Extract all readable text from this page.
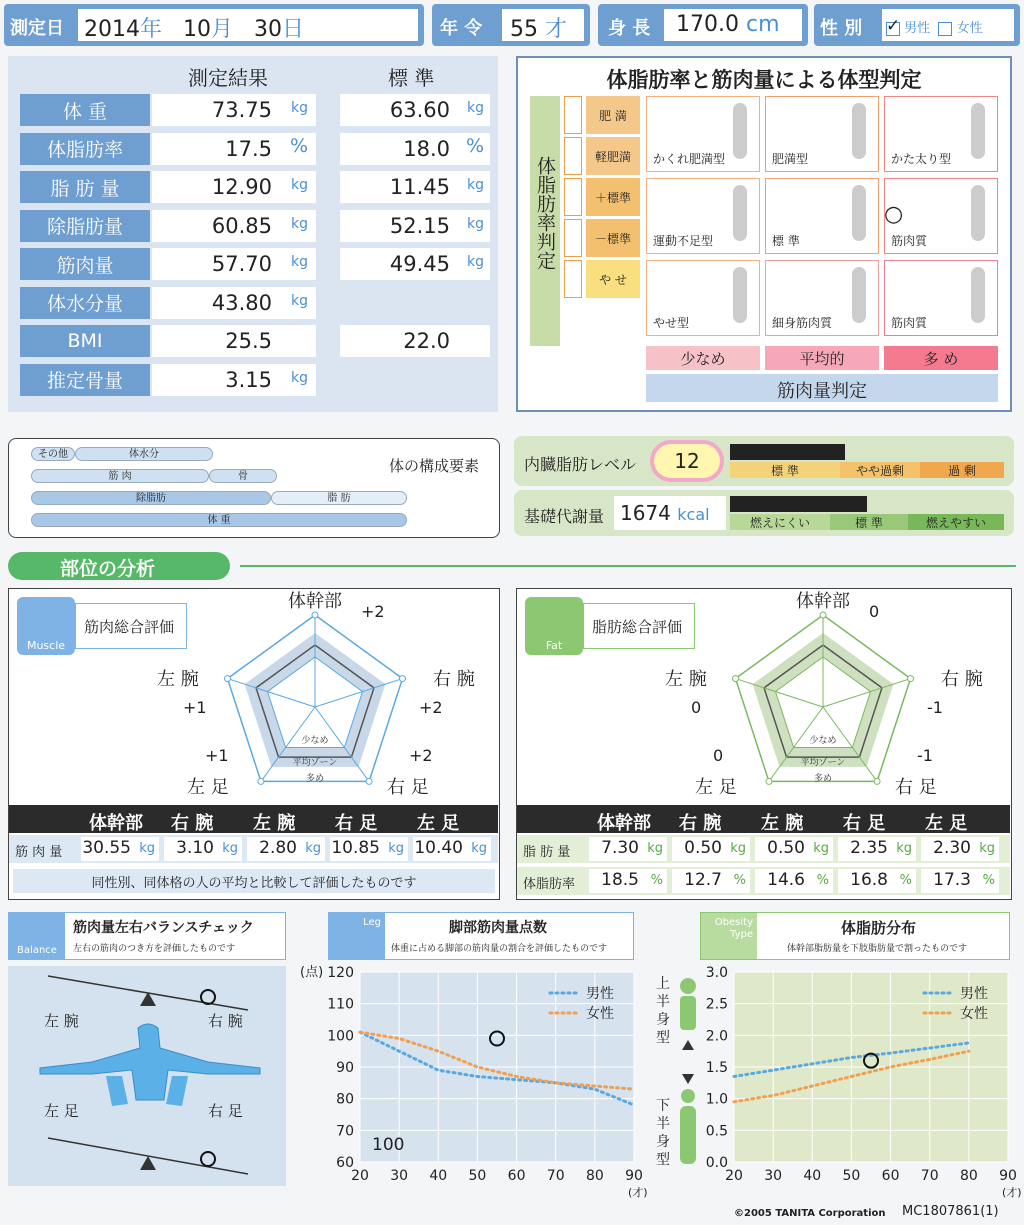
測定日 2014年 10月 30日	年 令	55 才	身 長	170.0 cm	性 別 ✓ 男性 女性
測定結果	標 準
体 重	73.75 kg	63.60 kg
体脂肪率	17.5 %	18.0 %
脂 肪 量	12.90 kg	11.45 kg
除脂肪量	60.85 kg	52.15 kg
筋肉量	57.70 kg	49.45 kg
体水分量	43.80 kg
BMI	25.5	22.0
推定骨量	3.15 kg
体脂肪率と筋肉量による体型判定
体脂肪率判定
肥 満
軽肥満
＋標準
－標準
や せ
かくれ肥満型	肥満型	かた太り型
運動不足型	標 準	筋肉質
やせ型	細身筋肉質	筋肉質
○
少なめ	平均的	多 め
筋肉量判定
体の構成要素
その他	体水分
筋 肉	骨
除脂肪	脂 肪
体 重
内臓脂肪レベル	12	標 準	やや過剰	過 剰
基礎代謝量 1674 kcal	燃えにくい	標 準	燃えやすい
部位の分析
Muscle
筋肉総合評価
少なめ
平均ゾーン
多め
体幹部
右 腕
左 腕
右 足
左 足
+2
+2
+1
+2
+1
体幹部 右 腕 左 腕 右 足 左 足
筋 肉 量 30.55 kg 3.10 kg 2.80 kg 10.85 kg 10.40 kg
同性別、同体格の人の平均と比較して評価したものです
Fat
脂肪総合評価
少なめ
平均ゾーン
多め
体幹部
右 腕
左 腕
右 足
左 足
0
-1
0
-1
0
体幹部 右 腕 左 腕 右 足 左 足
脂 肪 量 7.30 kg 0.50 kg 0.50 kg 2.35 kg 2.30 kg
体脂肪率 18.5 % 12.7 % 14.6 % 16.8 % 17.3 %
Balance
筋肉量左右バランスチェック
左右の筋肉のつき方を評価したものです
左 腕	右 腕
左 足	右 足
Leg	脚部筋肉量点数
体重に占める脚部の筋肉量の割合を評価したものです
20 30 40 50 60 70 80 90
60
70
80
90
100
110
120
男性
女性
(才)
(点)
100
Obesity
Type	体脂肪分布
体幹部脂肪量を下肢脂肪量で割ったものです
20 30 40 50 60 70 80 90
0.0
0.5
1.0
1.5
2.0
2.5
3.0
男性
女性
(才)
上
半
身
型
下
半
身
型
©2005 TANITA Corporation MC1807861(1)
